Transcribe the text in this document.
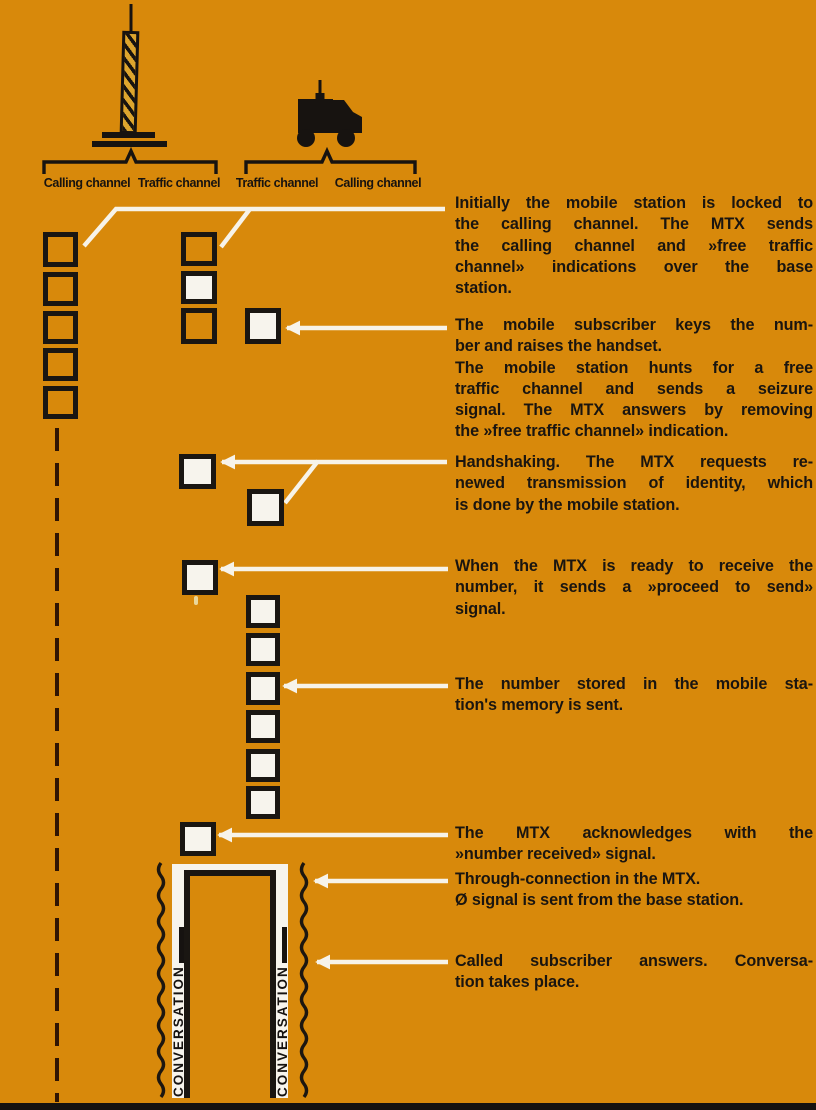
Calling channel Traffic channel	Traffic channel	Calling channel
CONVERSATION	CONVERSATION
Initially the mobile station is locked to
the calling channel. The MTX sends
the calling channel and »free traffic
channel» indications over the base
station.
The mobile subscriber keys the num-
ber and raises the handset.
The mobile station hunts for a free
traffic channel and sends a seizure
signal. The MTX answers by removing
the »free traffic channel» indication.
Handshaking. The MTX requests re-
newed transmission of identity, which
is done by the mobile station.
When the MTX is ready to receive the
number, it sends a »proceed to send»
signal.
The number stored in the mobile sta-
tion's memory is sent.
The MTX acknowledges with the
»number received» signal.
Through-connection in the MTX.
Ø signal is sent from the base station.
Called subscriber answers. Conversa-
tion takes place.
